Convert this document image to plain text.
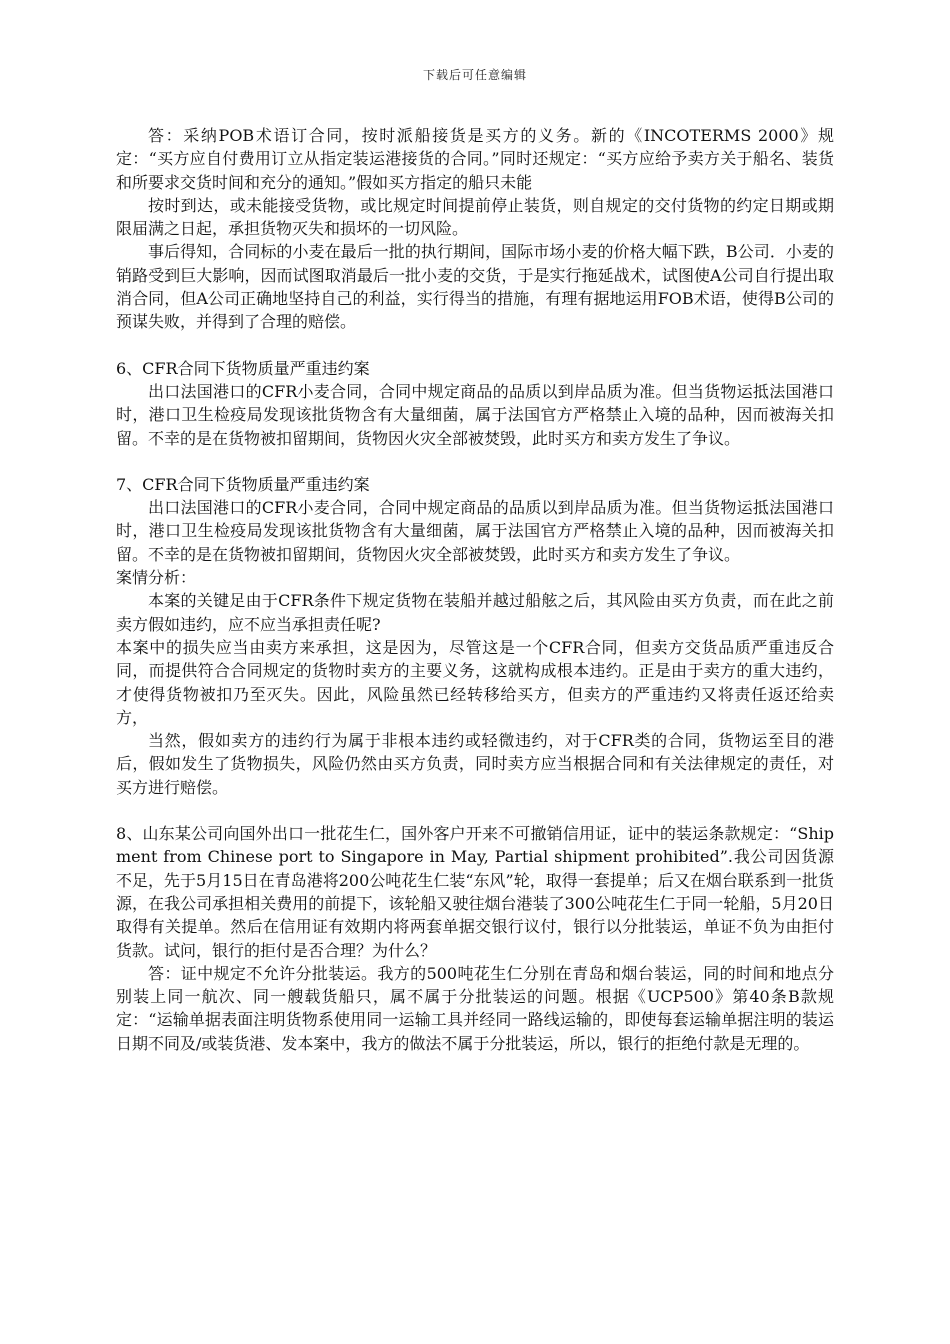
下载后可任意编辑

答：采纳POB术语订合同，按时派船接货是买方的义务。新的《INCOTERMS 2000》规定：“买方应自付费用订立从指定装运港接货的合同。”同时还规定：“买方应给予卖方关于船名、装货和所要求交货时间和充分的通知。”假如买方指定的船只未能

按时到达，或未能接受货物，或比规定时间提前停止装货，则自规定的交付货物的约定日期或期限届满之日起，承担货物灭失和损坏的一切风险。

事后得知，合同标的小麦在最后一批的执行期间，国际市场小麦的价格大幅下跌，B公司．小麦的销路受到巨大影响，因而试图取消最后一批小麦的交货，于是实行拖延战术，试图使A公司自行提出取消合同，但A公司正确地坚持自己的利益，实行得当的措施，有理有据地运用FOB术语，使得B公司的预谋失败，并得到了合理的赔偿。

6、CFR合同下货物质量严重违约案

出口法国港口的CFR小麦合同，合同中规定商品的品质以到岸品质为准。但当货物运抵法国港口时，港口卫生检疫局发现该批货物含有大量细菌，属于法国官方严格禁止入境的品种，因而被海关扣留。不幸的是在货物被扣留期间，货物因火灾全部被焚毁，此时买方和卖方发生了争议。

7、CFR合同下货物质量严重违约案

出口法国港口的CFR小麦合同，合同中规定商品的品质以到岸品质为准。但当货物运抵法国港口时，港口卫生检疫局发现该批货物含有大量细菌，属于法国官方严格禁止入境的品种，因而被海关扣留。不幸的是在货物被扣留期间，货物因火灾全部被焚毁，此时买方和卖方发生了争议。

案情分析：

本案的关键足由于CFR条件下规定货物在装船并越过船舷之后，其风险由买方负责，而在此之前卖方假如违约，应不应当承担责任呢?

本案中的损失应当由卖方来承担，这是因为，尽管这是一个CFR合同，但卖方交货品质严重违反合同，而提供符合合同规定的货物时卖方的主要义务，这就构成根本违约。正是由于卖方的重大违约，才使得货物被扣乃至灭失。因此，风险虽然已经转移给买方，但卖方的严重违约又将责任返还给卖方，

当然，假如卖方的违约行为属于非根本违约或轻微违约，对于CFR类的合同，货物运至目的港后，假如发生了货物损失，风险仍然由买方负责，同时卖方应当根据合同和有关法律规定的责任，对买方进行赔偿。

8、山东某公司向国外出口一批花生仁，国外客户开来不可撤销信用证，证中的装运条款规定：“Shipment from Chinese port to Singapore in May, Partial shipment prohibited”.我公司因货源不足，先于5月15日在青岛港将200公吨花生仁装“东风”轮，取得一套提单；后又在烟台联系到一批货源，在我公司承担相关费用的前提下，该轮船又驶往烟台港装了300公吨花生仁于同一轮船，5月20日取得有关提单。然后在信用证有效期内将两套单据交银行议付，银行以分批装运，单证不负为由拒付货款。试问，银行的拒付是否合理？为什么？

答：证中规定不允许分批装运。我方的500吨花生仁分别在青岛和烟台装运，同的时间和地点分别装上同一航次、同一艘载货船只，属不属于分批装运的问题。根据《UCP500》第40条B款规定：“运输单据表面注明货物系使用同一运输工具并经同一路线运输的，即使每套运输单据注明的装运日期不同及/或装货港、发本案中，我方的做法不属于分批装运，所以，银行的拒绝付款是无理的。
